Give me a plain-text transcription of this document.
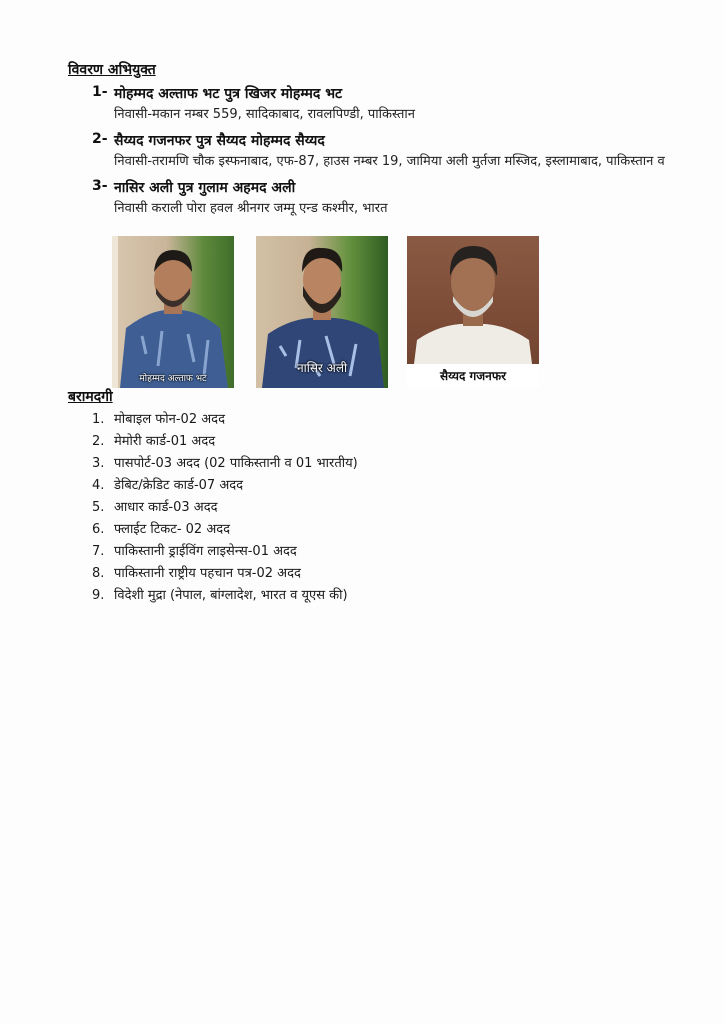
विवरण अभियुक्त
1- मोहम्मद अल्ताफ भट पुत्र खिजर मोहम्मद भट
निवासी-मकान नम्बर 559, सादिकाबाद, रावलपिण्डी, पाकिस्तान
2- सैय्यद गजनफर पुत्र सैय्यद मोहम्मद सैय्यद
निवासी-तरामणि चौक इस्फनाबाद, एफ-87, हाउस नम्बर 19, जामिया अली मुर्तजा मस्जिद, इस्लामाबाद, पाकिस्तान व
3- नासिर अली पुत्र गुलाम अहमद अली
निवासी कराली पोरा हवल श्रीनगर जम्मू एन्ड कश्मीर, भारत
मोहम्मद अल्ताफ भट
नासिर अली
सैय्यद गजनफर
बरामदगी
1. मोबाइल फोन-02 अदद
2. मेमोरी कार्ड-01 अदद
3. पासपोर्ट-03 अदद (02 पाकिस्तानी व 01 भारतीय)
4. डेबिट/क्रेडिट कार्ड-07 अदद
5. आधार कार्ड-03 अदद
6. फ्लाईट टिकट- 02 अदद
7. पाकिस्तानी ड्राईविंग लाइसेन्स-01 अदद
8. पाकिस्तानी राष्ट्रीय पहचान पत्र-02 अदद
9. विदेशी मुद्रा (नेपाल, बांग्लादेश, भारत व यूएस की)
